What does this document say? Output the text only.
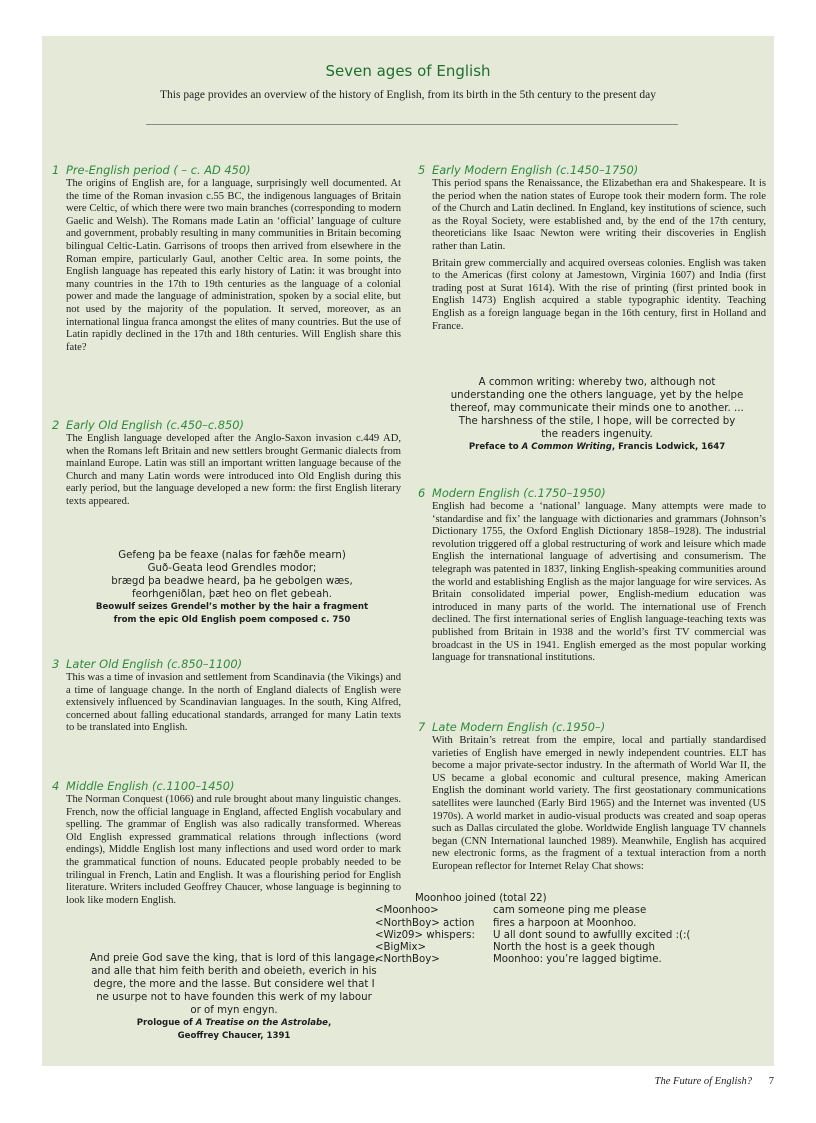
Seven ages of English
This page provides an overview of the history of English, from its birth in the 5th century to the present day
1 Pre-English period ( – c. AD 450)

The origins of English are, for a language, surprisingly well documented. At the time of the Roman invasion c.55 BC, the indigenous languages of Britain were Celtic, of which there were two main branches (corresponding to modern Gaelic and Welsh). The Romans made Latin an ‘official’ language of culture and government, probably resulting in many communities in Britain becoming bilingual Celtic-Latin. Garrisons of troops then arrived from elsewhere in the Roman empire, particularly Gaul, another Celtic area. In some points, the English language has repeated this early history of Latin: it was brought into many countries in the 17th to 19th centuries as the language of a colonial power and made the language of administration, spoken by a social elite, but not used by the majority of the population. It served, moreover, as an international lingua franca amongst the elites of many countries. But the use of Latin rapidly declined in the 17th and 18th centuries. Will English share this fate?

2 Early Old English (c.450–c.850)

The English language developed after the Anglo-Saxon invasion c.449 AD, when the Romans left Britain and new settlers brought Germanic dialects from mainland Europe. Latin was still an important written language because of the Church and many Latin words were introduced into Old English during this early period, but the language developed a new form: the first English literary texts appeared.

Gefeng þa be feaxe (nalas for fæhðe mearn)
Guð-Geata leod Grendles modor;
brægd þa beadwe heard, þa he gebolgen wæs,
feorhgeniðlan, þæt heo on flet gebeah.
Beowulf seizes Grendel’s mother by the hair a fragment
from the epic Old English poem composed c. 750
3 Later Old English (c.850–1100)

This was a time of invasion and settlement from Scandinavia (the Vikings) and a time of language change. In the north of England dialects of English were extensively influenced by Scandinavian languages. In the south, King Alfred, concerned about falling educational standards, arranged for many Latin texts to be translated into English.

4 Middle English (c.1100–1450)

The Norman Conquest (1066) and rule brought about many linguistic changes. French, now the official language in England, affected English vocabulary and spelling. The grammar of English was also radically transformed. Whereas Old English expressed grammatical relations through inflections (word endings), Middle English lost many inflections and used word order to mark the grammatical function of nouns. Educated people probably needed to be trilingual in French, Latin and English. It was a flourishing period for English literature. Writers included Geoffrey Chaucer, whose language is beginning to look like modern English.

And preie God save the king, that is lord of this langage,
and alle that him feith berith and obeieth, everich in his
degre, the more and the lasse. But considere wel that I
ne usurpe not to have founden this werk of my labour
or of myn engyn.
Prologue of A Treatise on the Astrolabe,
Geoffrey Chaucer, 1391
5 Early Modern English (c.1450–1750)

This period spans the Renaissance, the Elizabethan era and Shakespeare. It is the period when the nation states of Europe took their modern form. The role of the Church and Latin declined. In England, key institutions of science, such as the Royal Society, were established and, by the end of the 17th century, theoreticians like Isaac Newton were writing their discoveries in English rather than Latin.

Britain grew commercially and acquired overseas colonies. English was taken to the Americas (first colony at Jamestown, Virginia 1607) and India (first trading post at Surat 1614). With the rise of printing (first printed book in English 1473) English acquired a stable typographic identity. Teaching English as a foreign language began in the 16th century, first in Holland and France.

A common writing: whereby two, although not
understanding one the others language, yet by the helpe
thereof, may communicate their minds one to another. ...
The harshness of the stile, I hope, will be corrected by
the readers ingenuity.
Preface to A Common Writing, Francis Lodwick, 1647
6 Modern English (c.1750–1950)

English had become a ‘national’ language. Many attempts were made to ‘standardise and fix’ the language with dictionaries and grammars (Johnson’s Dictionary 1755, the Oxford English Dictionary 1858–1928). The industrial revolution triggered off a global restructuring of work and leisure which made English the international language of advertising and consumerism. The telegraph was patented in 1837, linking English-speaking communities around the world and establishing English as the major language for wire services. As Britain consolidated imperial power, English-medium education was introduced in many parts of the world. The international use of French declined. The first international series of English language-teaching texts was published from Britain in 1938 and the world’s first TV commercial was broadcast in the US in 1941. English emerged as the most popular working language for transnational institutions.

7 Late Modern English (c.1950–)

With Britain’s retreat from the empire, local and partially standardised varieties of English have emerged in newly independent countries. ELT has become a major private-sector industry. In the aftermath of World War II, the US became a global economic and cultural presence, making American English the dominant world variety. The first geostationary communications satellites were launched (Early Bird 1965) and the Internet was invented (US 1970s). A world market in audio-visual products was created and soap operas such as Dallas circulated the globe. Worldwide English language TV channels began (CNN International launched 1989). Meanwhile, English has acquired new electronic forms, as the fragment of a textual interaction from a north European reflector for Internet Relay Chat shows:

Moonhoo joined (total 22)
<Moonhoo>	cam someone ping me please
<NorthBoy> action	fires a harpoon at Moonhoo.
<Wiz09> whispers:	U all dont sound to awfullly excited :(:(
<BigMix>	North the host is a geek though
<NorthBoy>	Moonhoo: you’re lagged bigtime.
The Future of English? 7
